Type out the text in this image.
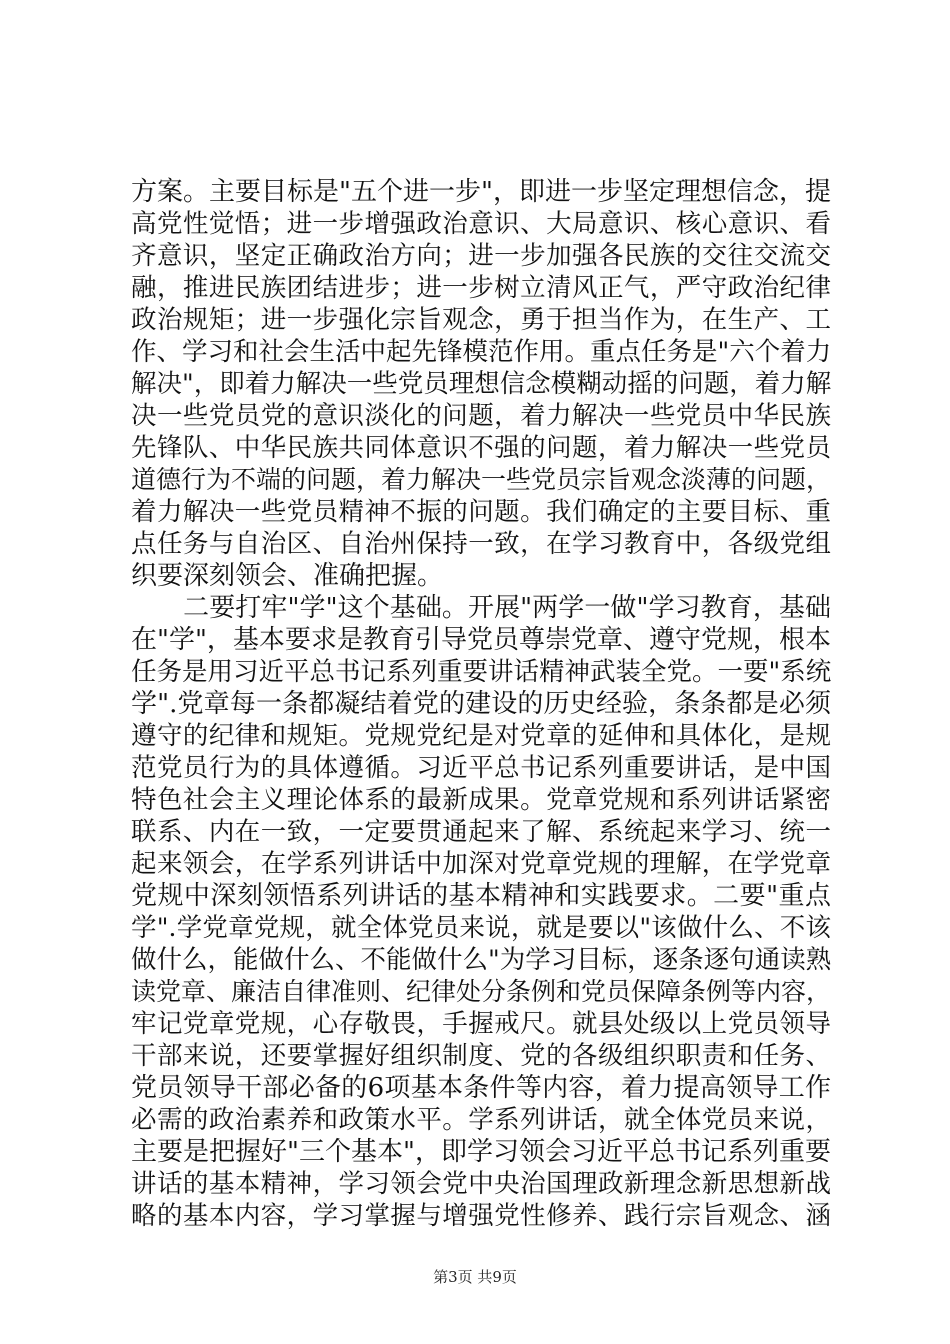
方案。主要目标是"五个进一步"，即进一步坚定理想信念，提
高党性觉悟；进一步增强政治意识、大局意识、核心意识、看
齐意识，坚定正确政治方向；进一步加强各民族的交往交流交
融，推进民族团结进步；进一步树立清风正气，严守政治纪律
政治规矩；进一步强化宗旨观念，勇于担当作为，在生产、工
作、学习和社会生活中起先锋模范作用。重点任务是"六个着力
解决"，即着力解决一些党员理想信念模糊动摇的问题，着力解
决一些党员党的意识淡化的问题，着力解决一些党员中华民族
先锋队、中华民族共同体意识不强的问题，着力解决一些党员
道德行为不端的问题，着力解决一些党员宗旨观念淡薄的问题，
着力解决一些党员精神不振的问题。我们确定的主要目标、重
点任务与自治区、自治州保持一致，在学习教育中，各级党组
织要深刻领会、准确把握。
　　二要打牢"学"这个基础。开展"两学一做"学习教育，基础
在"学"，基本要求是教育引导党员尊崇党章、遵守党规，根本
任务是用习近平总书记系列重要讲话精神武装全党。一要"系统
学".党章每一条都凝结着党的建设的历史经验，条条都是必须
遵守的纪律和规矩。党规党纪是对党章的延伸和具体化，是规
范党员行为的具体遵循。习近平总书记系列重要讲话，是中国
特色社会主义理论体系的最新成果。党章党规和系列讲话紧密
联系、内在一致，一定要贯通起来了解、系统起来学习、统一
起来领会，在学系列讲话中加深对党章党规的理解，在学党章
党规中深刻领悟系列讲话的基本精神和实践要求。二要"重点
学".学党章党规，就全体党员来说，就是要以"该做什么、不该
做什么，能做什么、不能做什么"为学习目标，逐条逐句通读熟
读党章、廉洁自律准则、纪律处分条例和党员保障条例等内容，
牢记党章党规，心存敬畏，手握戒尺。就县处级以上党员领导
干部来说，还要掌握好组织制度、党的各级组织职责和任务、
党员领导干部必备的6项基本条件等内容，着力提高领导工作
必需的政治素养和政策水平。学系列讲话，就全体党员来说，
主要是把握好"三个基本"，即学习领会习近平总书记系列重要
讲话的基本精神，学习领会党中央治国理政新理念新思想新战
略的基本内容，学习掌握与增强党性修养、践行宗旨观念、涵
第3页 共9页
